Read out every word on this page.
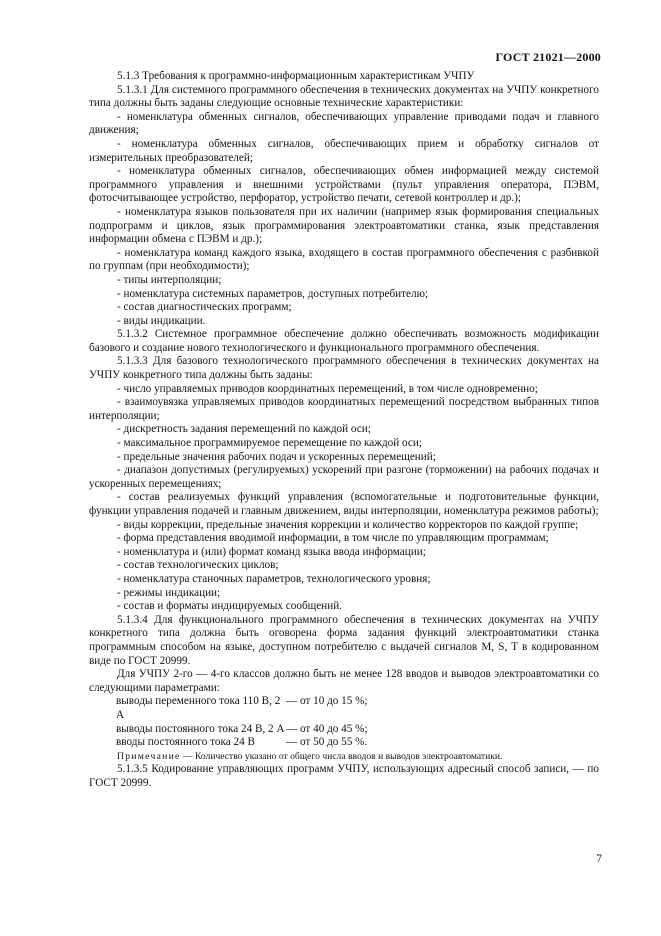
ГОСТ 21021—2000

5.1.3 Требования к программно-информационным характеристикам УЧПУ

5.1.3.1 Для системного программного обеспечения в технических документах на УЧПУ конкретного типа должны быть заданы следующие основные технические характеристики:

- номенклатура обменных сигналов, обеспечивающих управление приводами подач и главного движения;

- номенклатура обменных сигналов, обеспечивающих прием и обработку сигналов от измерительных преобразователей;

- номенклатура обменных сигналов, обеспечивающих обмен информацией между системой программного управления и внешними устройствами (пульт управления оператора, ПЭВМ, фотосчитывающее устройство, перфоратор, устройство печати, сетевой контроллер и др.);

- номенклатура языков пользователя при их наличии (например язык формирования специальных подпрограмм и циклов, язык программирования электроавтоматики станка, язык представления информации обмена с ПЭВМ и др.);

- номенклатура команд каждого языка, входящего в состав программного обеспечения с разбивкой по группам (при необходимости);

- типы интерполяции;

- номенклатура системных параметров, доступных потребителю;

- состав диагностических программ;

- виды индикации.

5.1.3.2 Системное программное обеспечение должно обеспечивать возможность модификации базового и создание нового технологического и функционального программного обеспечения.

5.1.3.3 Для базового технологического программного обеспечения в технических документах на УЧПУ конкретного типа должны быть заданы:

- число управляемых приводов координатных перемещений, в том числе одновременно;

- взаимоувязка управляемых приводов координатных перемещений посредством выбранных типов интерполяции;

- дискретность задания перемещений по каждой оси;

- максимальное программируемое перемещение по каждой оси;

- предельные значения рабочих подач и ускоренных перемещений;

- диапазон допустимых (регулируемых) ускорений при разгоне (торможении) на рабочих подачах и ускоренных перемещениях;

- состав реализуемых функций управления (вспомогательные и подготовительные функции, функции управления подачей и главным движением, виды интерполяции, номенклатура режимов работы);

- виды коррекции, предельные значения коррекции и количество корректоров по каждой группе;

- форма представления вводимой информации, в том числе по управляющим программам;

- номенклатура и (или) формат команд языка ввода информации;

- состав технологических циклов;

- номенклатура станочных параметров, технологического уровня;

- режимы индикации;

- состав и форматы индицируемых сообщений.

5.1.3.4 Для функционального программного обеспечения в технических документах на УЧПУ конкретного типа должна быть оговорена форма задания функций электроавтоматики станка программным способом на языке, доступном потребителю с выдачей сигналов M, S, T в кодированном виде по ГОСТ 20999.

Для УЧПУ 2-го — 4-го классов должно быть не менее 128 вводов и выводов электроавтоматики со следующими параметрами:

выводы переменного тока 110 В, 2 А	— от 10 до 15 %;
выводы постоянного тока 24 В, 2 А	— от 40 до 45 %;
вводы постоянного тока 24 В	— от 50 до 55 %.

Примечание — Количество указано от общего числа вводов и выводов электроавтоматики.

5.1.3.5 Кодирование управляющих программ УЧПУ, использующих адресный способ записи, — по ГОСТ 20999.

7
